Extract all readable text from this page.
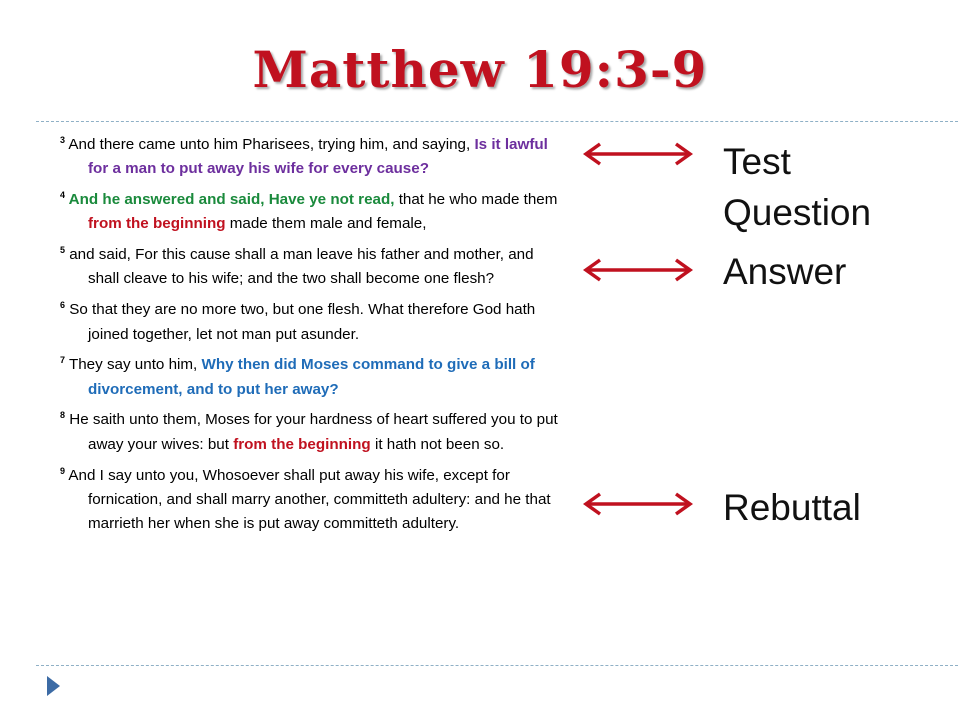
Matthew 19:3-9
$^3$ And there came unto him Pharisees, trying him, and saying, Is it lawful for a man to put away his wife for every cause?
$^4$ And he answered and said, Have ye not read, that he who made them from the beginning made them male and female,
$^5$ and said, For this cause shall a man leave his father and mother, and shall cleave to his wife; and the two shall become one flesh?
$^6$ So that they are no more two, but one flesh. What therefore God hath joined together, let not man put asunder.
$^7$ They say unto him, Why then did Moses command to give a bill of divorcement, and to put her away?
$^8$ He saith unto them, Moses for your hardness of heart suffered you to put away your wives: but from the beginning it hath not been so.
$^9$ And I say unto you, Whosoever shall put away his wife, except for fornication, and shall marry another, committeth adultery: and he that marrieth her when she is put away committeth adultery.

Test

Question

Answer

Rebuttal
